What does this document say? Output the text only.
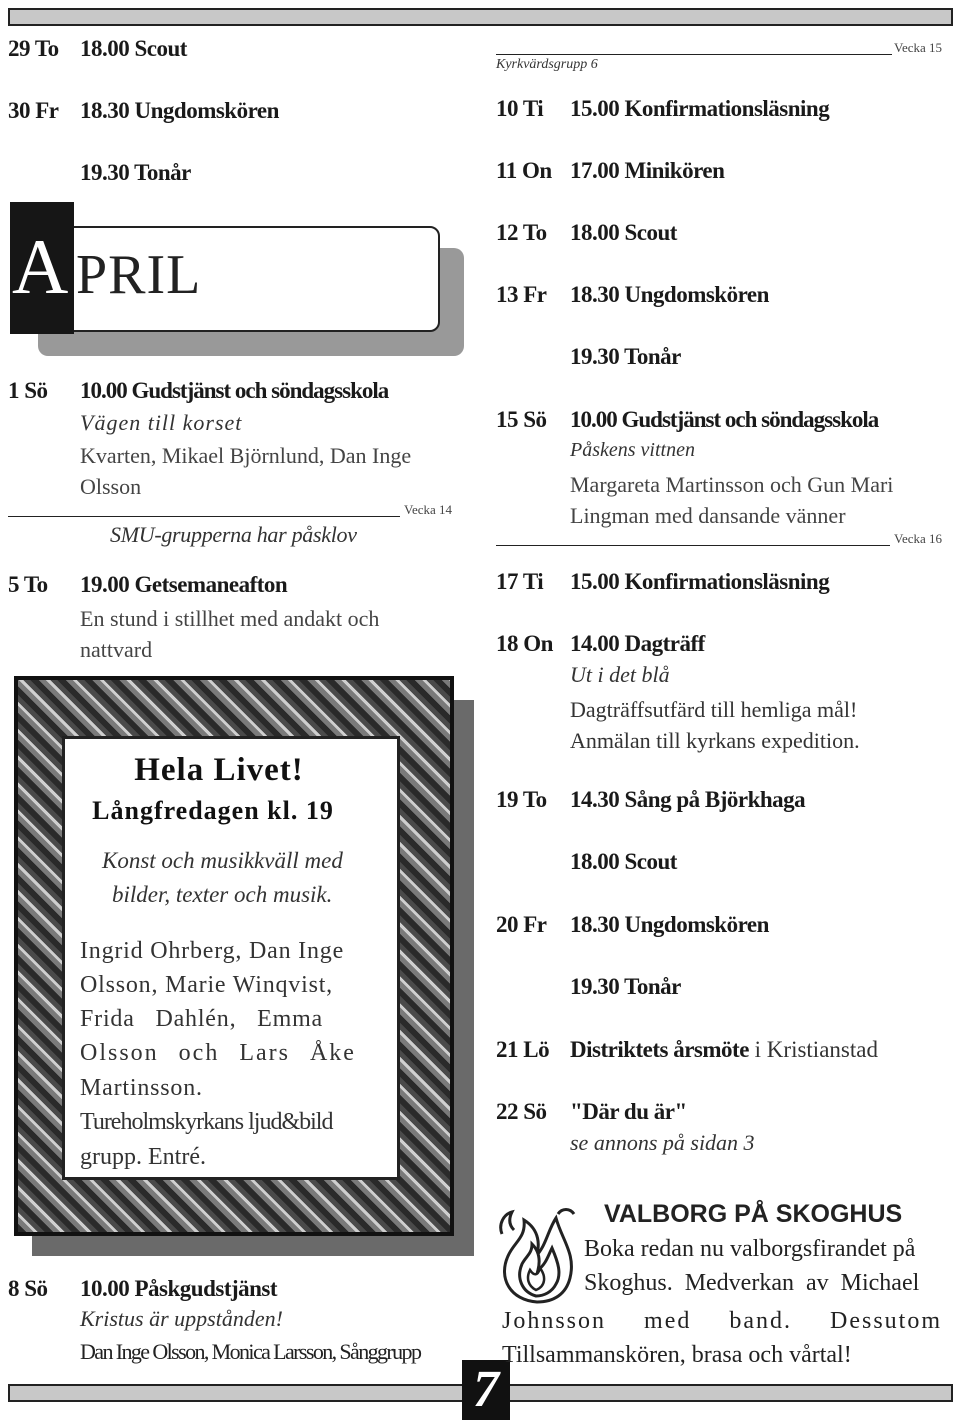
7
29 To 18.00 Scout
30 Fr 18.30 Ungdomskören
19.30 Tonår
A PRIL
1 Sö 10.00 Gudstjänst och söndagsskola
Vägen till korset
Kvarten, Mikael Björnlund, Dan Inge
Olsson
Vecka 14
SMU-grupperna har påsklov
5 To 19.00 Getsemaneafton
En stund i stillhet med andakt och
nattvard
Hela Livet!
Långfredagen kl. 19
Konst och musikkväll med
bilder, texter och musik.
Ingrid Ohrberg, Dan Inge
Olsson, Marie Winqvist,
Frida Dahlén, Emma
Olsson och Lars Åke
Martinsson.
Tureholmskyrkans ljud&bild
grupp. Entré.
8 Sö 10.00 Påskgudstjänst
Kristus är uppstånden!
Dan Inge Olsson, Monica Larsson, Sånggrupp
Vecka 15
Kyrkvärdsgrupp 6
10 Ti 15.00 Konfirmationsläsning
11 On 17.00 Minikören
12 To 18.00 Scout
13 Fr 18.30 Ungdomskören
19.30 Tonår
15 Sö 10.00 Gudstjänst och söndagsskola
Påskens vittnen
Margareta Martinsson och Gun Mari
Lingman med dansande vänner
Vecka 16
17 Ti 15.00 Konfirmationsläsning
18 On 14.00 Dagträff
Ut i det blå
Dagträffsutfärd till hemliga mål!
Anmälan till kyrkans expedition.
19 To 14.30 Sång på Björkhaga
18.00 Scout
20 Fr 18.30 Ungdomskören
19.30 Tonår
21 Lö Distriktets årsmöte i Kristianstad
22 Sö "Där du är"
se annons på sidan 3
VALBORG PÅ SKOGHUS
Boka redan nu valborgsfirandet på
Skoghus. Medverkan av Michael
Johnsson med band. Dessutom
Tillsammanskören, brasa och vårtal!
